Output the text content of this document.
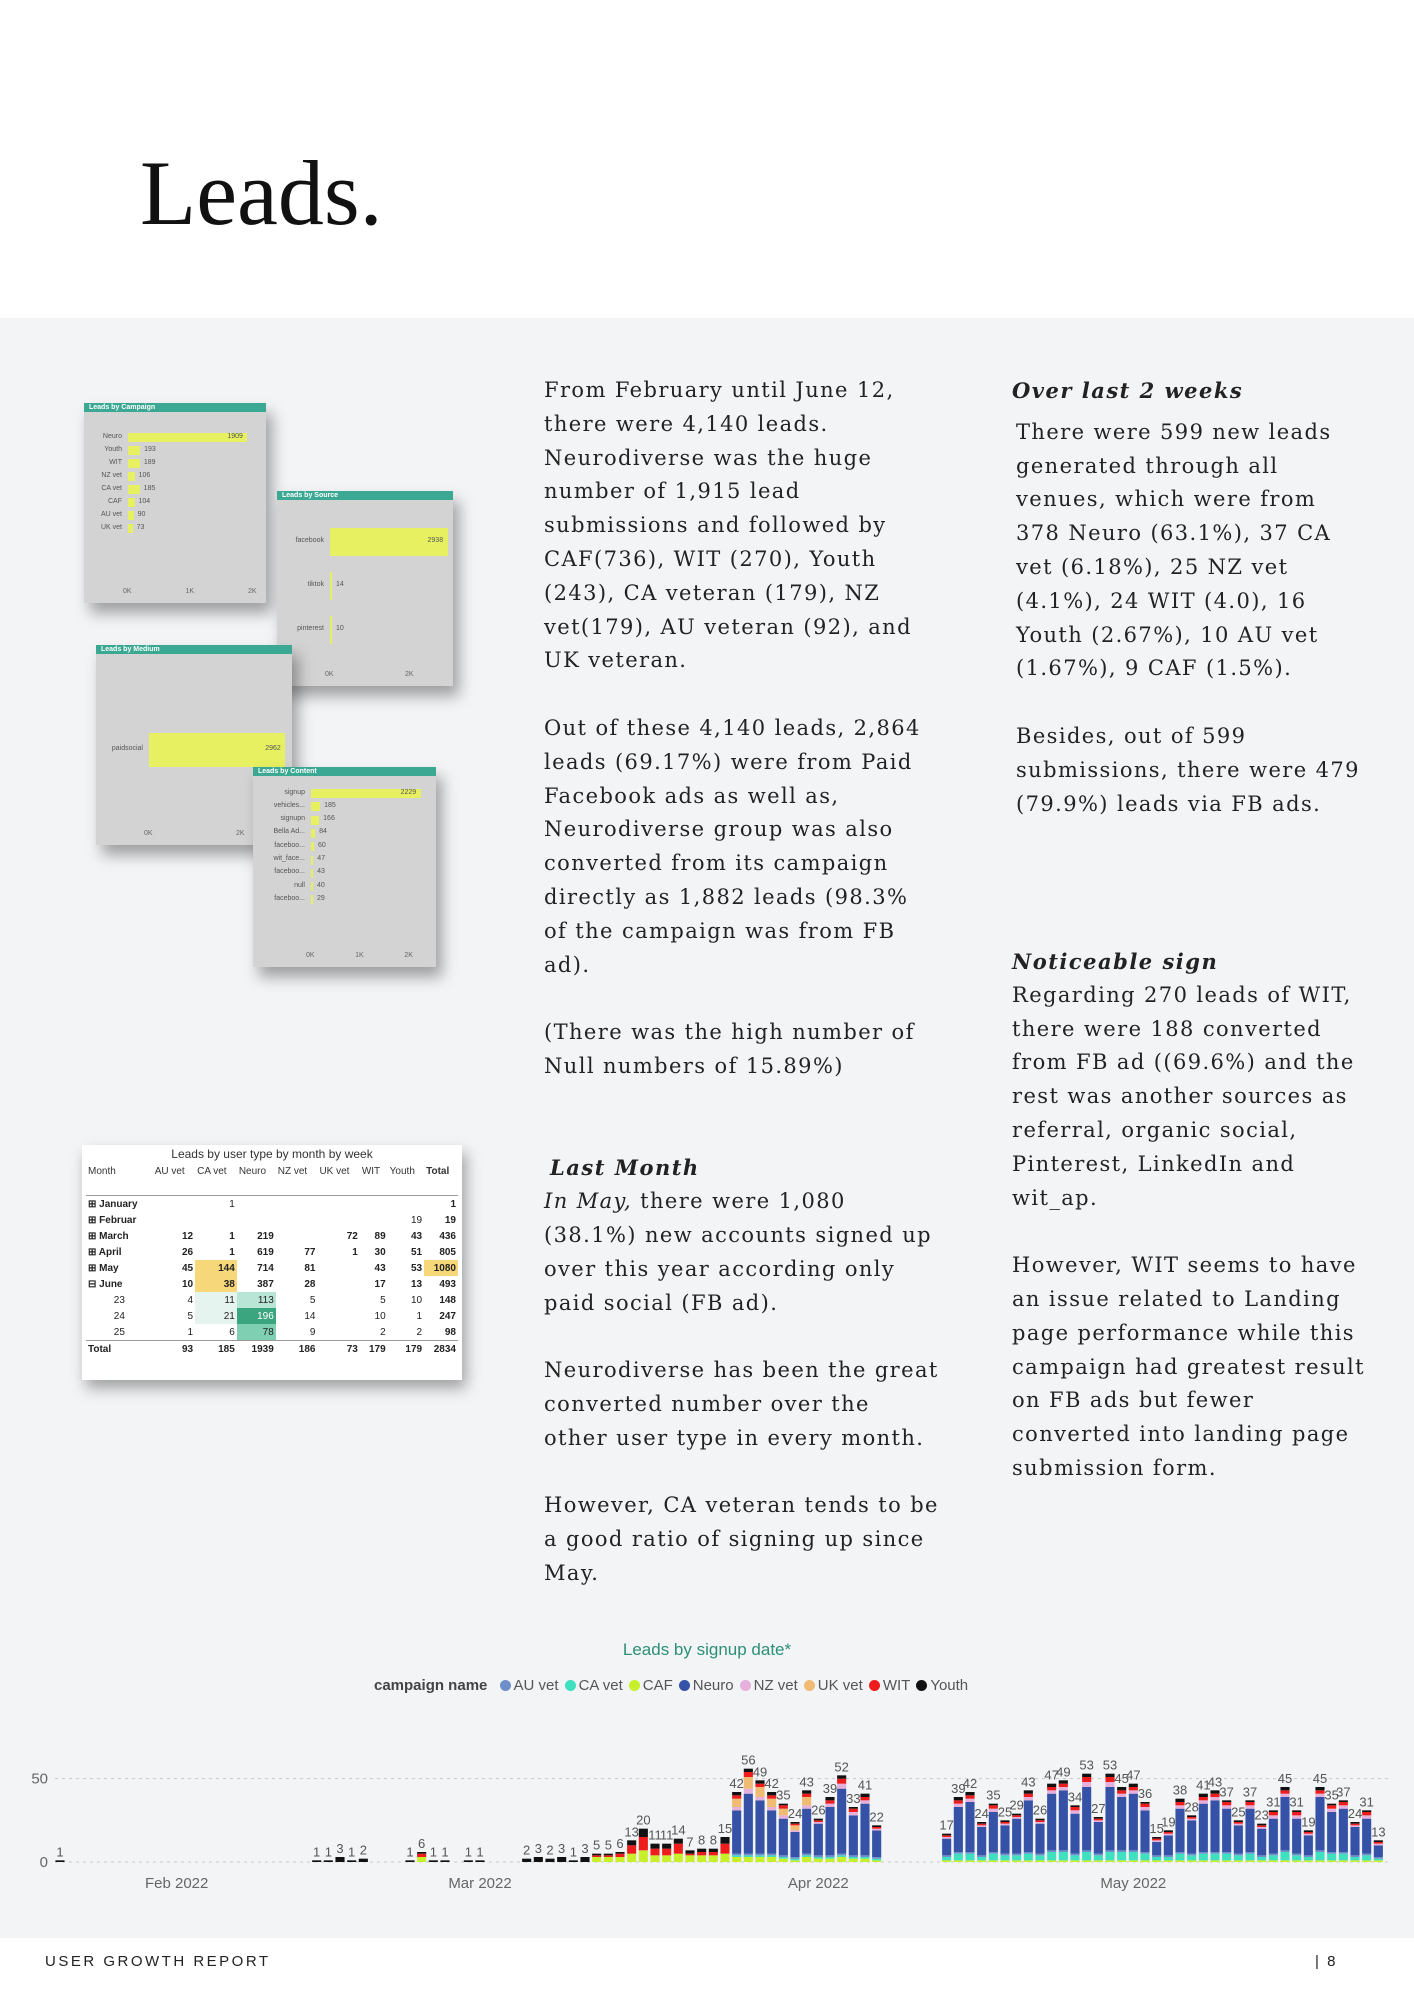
Leads.
Leads by Campaign
Neuro	1909
Youth	193
WIT	189
NZ vet 106
CA vet	185
CAF 104
AU vet 90
UK vet 73
0K	1K	2K
Leads by Source
facebook	2938
tiktok 14
pinterest 10
0K	2K
Leads by Medium
paidsocial	2962
0K	2K
Leads by Content
signup	2229
vehicles...	185
signupn	166
Bella Ad... 84
faceboo... 60
wit_face... 47
faceboo... 43
null 40
faceboo... 29
0K	1K	2K
Leads by user type by month by week
Month	AU vet	CA vet	Neuro	NZ vet	UK vet	WIT	Youth	Total
⊞ January		1						1
⊞ Februar							19	19
⊞ March	12	1	219		72	89	43	436
⊞ April	26	1	619	77	1	30	51	805
⊞ May	45	144	714	81		43	53	1080
⊟ June	10	38	387	28		17	13	493
23	4	11	113	5		5	10	148
24	5	21	196	14		10	1	247
25	1	6	78	9		2	2	98
Total	93	185	1939	186	73	179	179	2834

From February until June 12, there were 4,140 leads. Neurodiverse was the huge number of 1,915 lead submissions and followed by CAF(736), WIT (270), Youth (243), CA veteran (179), NZ vet(179), AU veteran (92), and UK veteran.

Out of these 4,140 leads, 2,864 leads (69.17%) were from Paid Facebook ads as well as, Neurodiverse group was also converted from its campaign directly as 1,882 leads (98.3% of the campaign was from FB ad).

(There was the high number of Null numbers of 15.89%)

Last Month

In May, there were 1,080 (38.1%) new accounts signed up over this year according only paid social (FB ad).

Neurodiverse has been the great converted number over the other user type in every month.

However, CA veteran tends to be a good ratio of signing up since May.

Over last 2 weeks

There were 599 new leads generated through all venues, which were from 378 Neuro (63.1%), 37 CA vet (6.18%), 25 NZ vet (4.1%), 24 WIT (4.0), 16 Youth (2.67%), 10 AU vet (1.67%), 9 CAF (1.5%).

Besides, out of 599 submissions, there were 479 (79.9%) leads via FB ads.

Noticeable sign

Regarding 270 leads of WIT, there were 188 converted from FB ad ((69.6%) and the rest was another sources as referral, organic social, Pinterest, LinkedIn and wit_ap.

However, WIT seems to have an issue related to Landing page performance while this campaign had greatest result on FB ads but fewer converted into landing page submission form.

Leads by signup date*
campaign name AU vet CA vet CAF Neuro NZ vet UK vet WIT Youth
0
50
Feb 2022	Mar 2022	Apr 2022	May 2022
1	1 1 3 1 2	1
6
1 1 1 1	2 3 2 3 1 3 5 5 6
13
20
11
11
14
7 8 8
15
42
56
49
42
35
24
43
26
39
52
33
41
22
17
39
42
24
35
25
29
43
26
47
49
34
53
27
53
45
47
36
15
19
38
28
41
43
37
25
37
23
31
45
31
19
45
35
37
24
31
13
USER GROWTH REPORT	| 8
